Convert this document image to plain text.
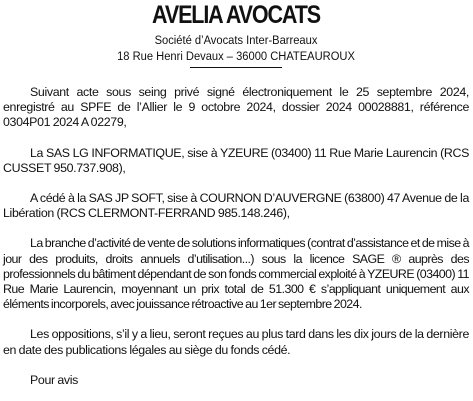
AVELIA AVOCATS
Société d’Avocats Inter-Barreaux
18 Rue Henri Devaux – 36000 CHATEAUROUX

Suivant acte sous seing privé signé électroniquement le 25 septembre 2024, enregistré au SPFE de l’Allier le 9 octobre 2024, dossier 2024 00028881, référence 0304P01 2024 A 02279,

La SAS LG INFORMATIQUE, sise à YZEURE (03400) 11 Rue Marie Laurencin (RCS CUSSET 950.737.908),

A cédé à la SAS JP SOFT, sise à COURNON D’AUVERGNE (63800) 47 Avenue de la Libération (RCS CLERMONT-FERRAND 985.148.246),

La branche d’activité de vente de solutions informatiques (contrat d’assistance et de mise à jour des produits, droits annuels d’utilisation...) sous la licence SAGE ® auprès des professionnels du bâtiment dépendant de son fonds commercial exploité à YZEURE (03400) 11 Rue Marie Laurencin, moyennant un prix total de 51.300 € s’appliquant uniquement aux éléments incorporels, avec jouissance rétroactive au 1er septembre 2024.

Les oppositions, s’il y a lieu, seront reçues au plus tard dans les dix jours de la dernière en date des publications légales au siège du fonds cédé.

Pour avis
